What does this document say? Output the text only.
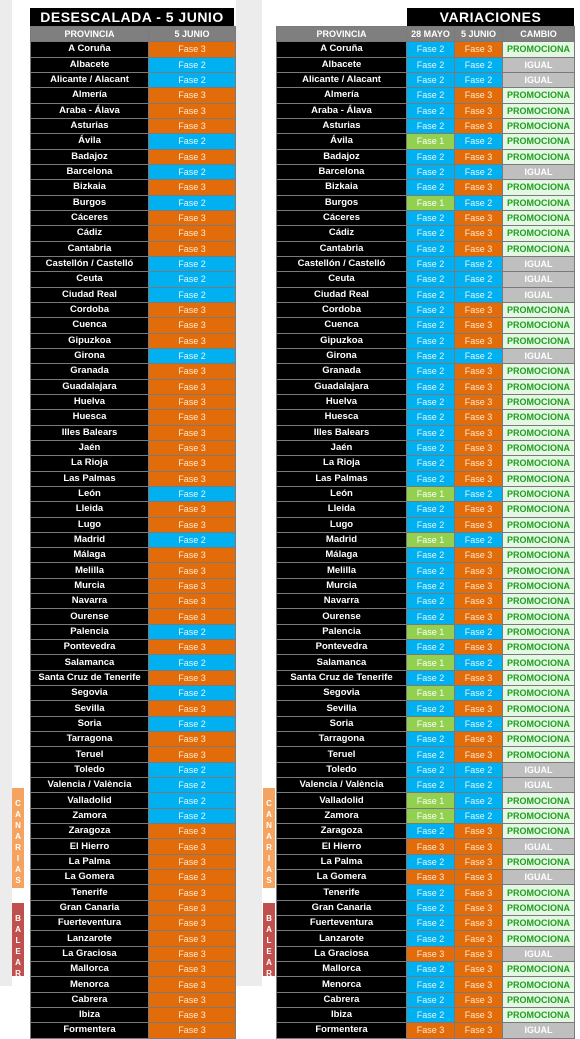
C
A
N
A
R
I
A
S
B
A
L
E
A
R
E
S
C
A
N
A
R
I
A
S
B
A
L
E
A
R
E
S
DESESCALADA - 5 JUNIO	VARIACIONES
PROVINCIA	5 JUNIO
A Coruña	Fase 3
Albacete	Fase 2
Alicante / Alacant	Fase 2
Almería	Fase 3
Araba - Álava	Fase 3
Asturias	Fase 3
Ávila	Fase 2
Badajoz	Fase 3
Barcelona	Fase 2
Bizkaia	Fase 3
Burgos	Fase 2
Cáceres	Fase 3
Cádiz	Fase 3
Cantabria	Fase 3
Castellón / Castelló	Fase 2
Ceuta	Fase 2
Ciudad Real	Fase 2
Cordoba	Fase 3
Cuenca	Fase 3
Gipuzkoa	Fase 3
Girona	Fase 2
Granada	Fase 3
Guadalajara	Fase 3
Huelva	Fase 3
Huesca	Fase 3
Illes Balears	Fase 3
Jaén	Fase 3
La Rioja	Fase 3
Las Palmas	Fase 3
León	Fase 2
Lleida	Fase 3
Lugo	Fase 3
Madrid	Fase 2
Málaga	Fase 3
Melilla	Fase 3
Murcia	Fase 3
Navarra	Fase 3
Ourense	Fase 3
Palencia	Fase 2
Pontevedra	Fase 3
Salamanca	Fase 2
Santa Cruz de Tenerife	Fase 3
Segovia	Fase 2
Sevilla	Fase 3
Soria	Fase 2
Tarragona	Fase 3
Teruel	Fase 3
Toledo	Fase 2
Valencia / València	Fase 2
Valladolid	Fase 2
Zamora	Fase 2
Zaragoza	Fase 3
El Hierro	Fase 3
La Palma	Fase 3
La Gomera	Fase 3
Tenerife	Fase 3
Gran Canaria	Fase 3
Fuerteventura	Fase 3
Lanzarote	Fase 3
La Graciosa	Fase 3
Mallorca	Fase 3
Menorca	Fase 3
Cabrera	Fase 3
Ibiza	Fase 3
Formentera	Fase 3
PROVINCIA	28 MAYO	5 JUNIO	CAMBIO
A Coruña	Fase 2	Fase 3	PROMOCIONA
Albacete	Fase 2	Fase 2	IGUAL
Alicante / Alacant	Fase 2	Fase 2	IGUAL
Almería	Fase 2	Fase 3	PROMOCIONA
Araba - Álava	Fase 2	Fase 3	PROMOCIONA
Asturias	Fase 2	Fase 3	PROMOCIONA
Ávila	Fase 1	Fase 2	PROMOCIONA
Badajoz	Fase 2	Fase 3	PROMOCIONA
Barcelona	Fase 2	Fase 2	IGUAL
Bizkaia	Fase 2	Fase 3	PROMOCIONA
Burgos	Fase 1	Fase 2	PROMOCIONA
Cáceres	Fase 2	Fase 3	PROMOCIONA
Cádiz	Fase 2	Fase 3	PROMOCIONA
Cantabria	Fase 2	Fase 3	PROMOCIONA
Castellón / Castelló	Fase 2	Fase 2	IGUAL
Ceuta	Fase 2	Fase 2	IGUAL
Ciudad Real	Fase 2	Fase 2	IGUAL
Cordoba	Fase 2	Fase 3	PROMOCIONA
Cuenca	Fase 2	Fase 3	PROMOCIONA
Gipuzkoa	Fase 2	Fase 3	PROMOCIONA
Girona	Fase 2	Fase 2	IGUAL
Granada	Fase 2	Fase 3	PROMOCIONA
Guadalajara	Fase 2	Fase 3	PROMOCIONA
Huelva	Fase 2	Fase 3	PROMOCIONA
Huesca	Fase 2	Fase 3	PROMOCIONA
Illes Balears	Fase 2	Fase 3	PROMOCIONA
Jaén	Fase 2	Fase 3	PROMOCIONA
La Rioja	Fase 2	Fase 3	PROMOCIONA
Las Palmas	Fase 2	Fase 3	PROMOCIONA
León	Fase 1	Fase 2	PROMOCIONA
Lleida	Fase 2	Fase 3	PROMOCIONA
Lugo	Fase 2	Fase 3	PROMOCIONA
Madrid	Fase 1	Fase 2	PROMOCIONA
Málaga	Fase 2	Fase 3	PROMOCIONA
Melilla	Fase 2	Fase 3	PROMOCIONA
Murcia	Fase 2	Fase 3	PROMOCIONA
Navarra	Fase 2	Fase 3	PROMOCIONA
Ourense	Fase 2	Fase 3	PROMOCIONA
Palencia	Fase 1	Fase 2	PROMOCIONA
Pontevedra	Fase 2	Fase 3	PROMOCIONA
Salamanca	Fase 1	Fase 2	PROMOCIONA
Santa Cruz de Tenerife	Fase 2	Fase 3	PROMOCIONA
Segovia	Fase 1	Fase 2	PROMOCIONA
Sevilla	Fase 2	Fase 3	PROMOCIONA
Soria	Fase 1	Fase 2	PROMOCIONA
Tarragona	Fase 2	Fase 3	PROMOCIONA
Teruel	Fase 2	Fase 3	PROMOCIONA
Toledo	Fase 2	Fase 2	IGUAL
Valencia / València	Fase 2	Fase 2	IGUAL
Valladolid	Fase 1	Fase 2	PROMOCIONA
Zamora	Fase 1	Fase 2	PROMOCIONA
Zaragoza	Fase 2	Fase 3	PROMOCIONA
El Hierro	Fase 3	Fase 3	IGUAL
La Palma	Fase 2	Fase 3	PROMOCIONA
La Gomera	Fase 3	Fase 3	IGUAL
Tenerife	Fase 2	Fase 3	PROMOCIONA
Gran Canaria	Fase 2	Fase 3	PROMOCIONA
Fuerteventura	Fase 2	Fase 3	PROMOCIONA
Lanzarote	Fase 2	Fase 3	PROMOCIONA
La Graciosa	Fase 3	Fase 3	IGUAL
Mallorca	Fase 2	Fase 3	PROMOCIONA
Menorca	Fase 2	Fase 3	PROMOCIONA
Cabrera	Fase 2	Fase 3	PROMOCIONA
Ibiza	Fase 2	Fase 3	PROMOCIONA
Formentera	Fase 3	Fase 3	IGUAL
